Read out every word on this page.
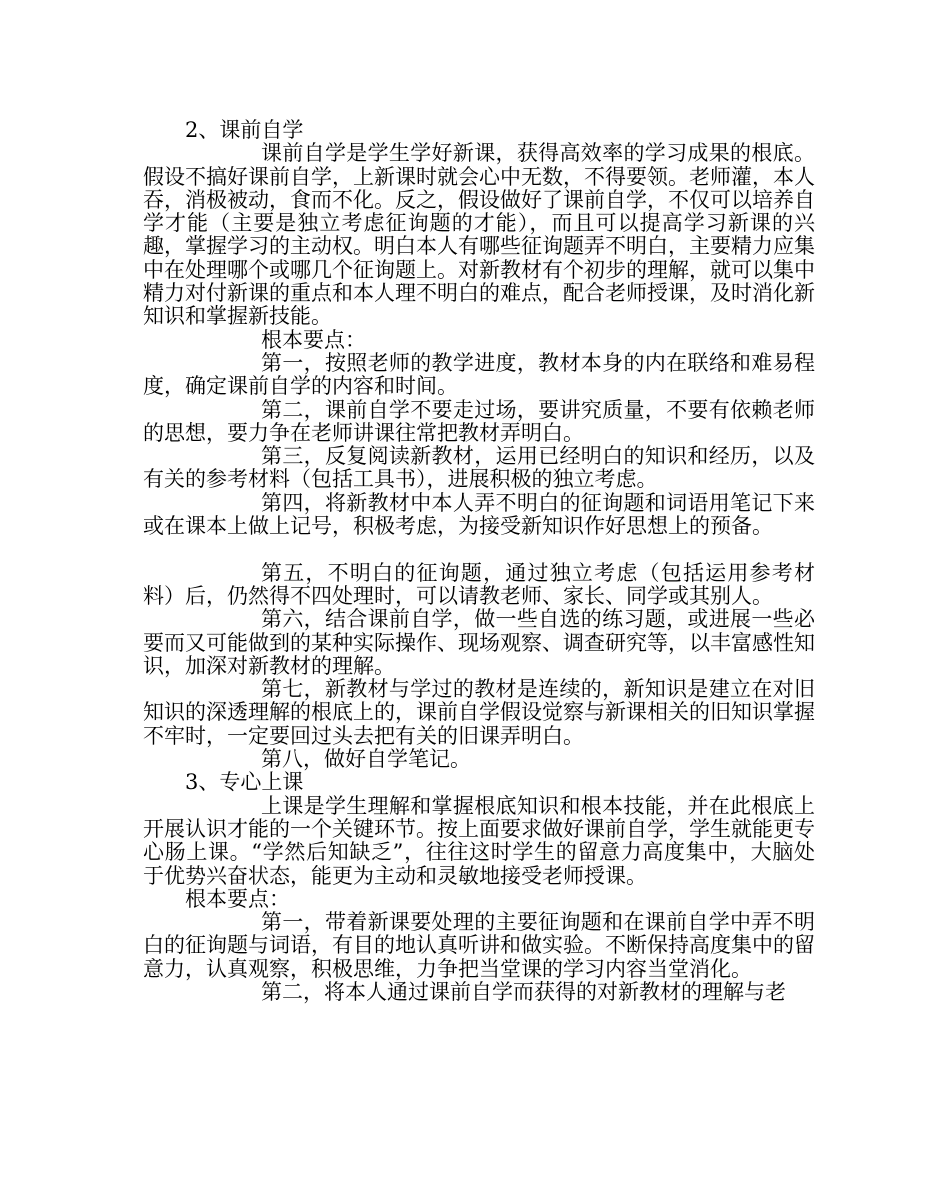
2、课前自学

课前自学是学生学好新课，获得高效率的学习成果的根底。假设不搞好课前自学，上新课时就会心中无数，不得要领。老师灌，本人吞，消极被动，食而不化。反之，假设做好了课前自学，不仅可以培养自学才能（主要是独立考虑征询题的才能），而且可以提高学习新课的兴趣，掌握学习的主动权。明白本人有哪些征询题弄不明白，主要精力应集中在处理哪个或哪几个征询题上。对新教材有个初步的理解，就可以集中精力对付新课的重点和本人理不明白的难点，配合老师授课，及时消化新知识和掌握新技能。

根本要点：

第一，按照老师的教学进度，教材本身的内在联络和难易程度，确定课前自学的内容和时间。

第二，课前自学不要走过场，要讲究质量，不要有依赖老师的思想，要力争在老师讲课往常把教材弄明白。

第三，反复阅读新教材，运用已经明白的知识和经历，以及有关的参考材料（包括工具书），进展积极的独立考虑。

第四，将新教材中本人弄不明白的征询题和词语用笔记下来或在课本上做上记号，积极考虑，为接受新知识作好思想上的预备。

第五，不明白的征询题，通过独立考虑（包括运用参考材料）后，仍然得不四处理时，可以请教老师、家长、同学或其别人。

第六，结合课前自学，做一些自选的练习题，或进展一些必要而又可能做到的某种实际操作、现场观察、调查研究等，以丰富感性知识，加深对新教材的理解。

第七，新教材与学过的教材是连续的，新知识是建立在对旧知识的深透理解的根底上的，课前自学假设觉察与新课相关的旧知识掌握不牢时，一定要回过头去把有关的旧课弄明白。

第八，做好自学笔记。

3、专心上课

上课是学生理解和掌握根底知识和根本技能，并在此根底上开展认识才能的一个关键环节。按上面要求做好课前自学，学生就能更专心肠上课。“学然后知缺乏”，往往这时学生的留意力高度集中，大脑处于优势兴奋状态，能更为主动和灵敏地接受老师授课。

根本要点：

第一，带着新课要处理的主要征询题和在课前自学中弄不明白的征询题与词语，有目的地认真听讲和做实验。不断保持高度集中的留意力，认真观察，积极思维，力争把当堂课的学习内容当堂消化。

第二，将本人通过课前自学而获得的对新教材的理解与老
